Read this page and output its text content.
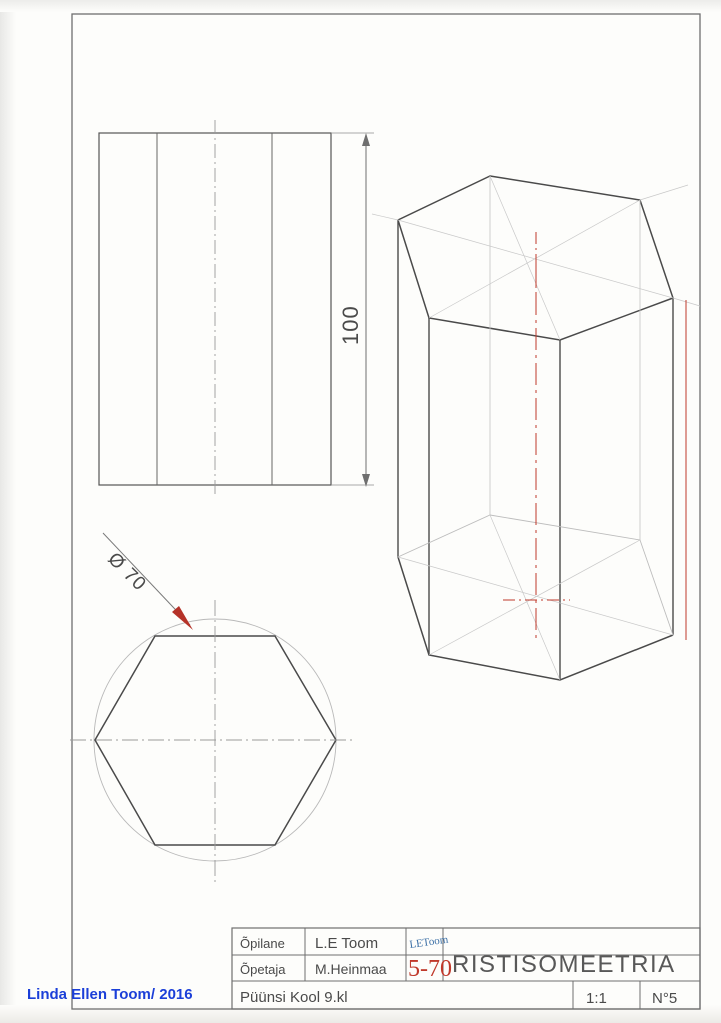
100
Ø 70
Õpilane L.E Toom
Õpetaja M.Heinmaa
Püünsi Kool 9.kl
RISTISOMEETRIA
1:1	N°5
LEToom
5-70
Linda Ellen Toom/ 2016
